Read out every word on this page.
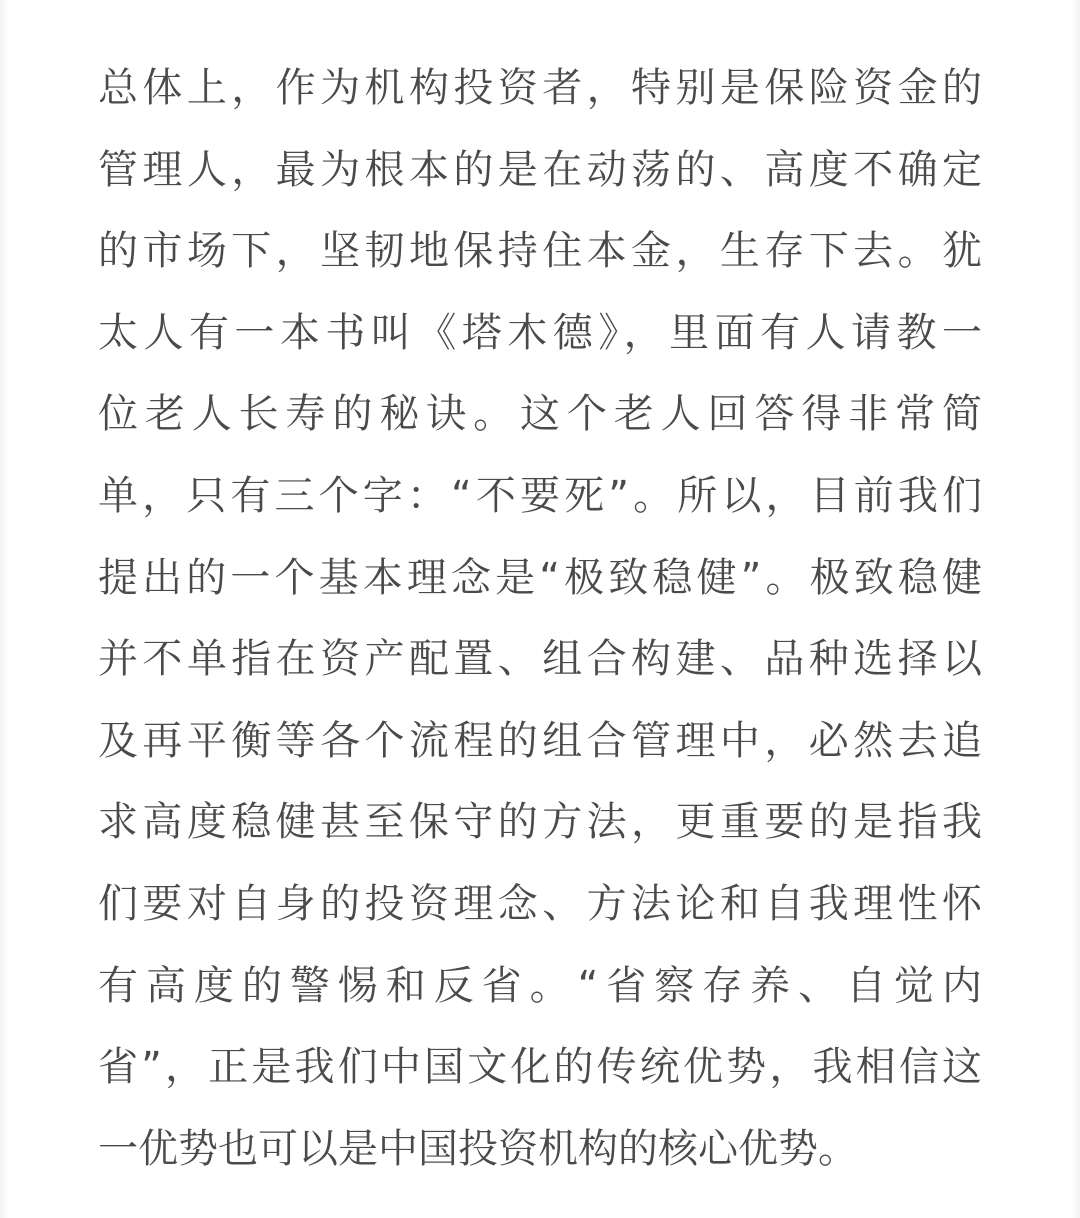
总体上，作为机构投资者，特别是保险资金的
管理人，最为根本的是在动荡的、高度不确定
的市场下，坚韧地保持住本金，生存下去。犹
太人有一本书叫《塔木德》，里面有人请教一
位老人长寿的秘诀。这个老人回答得非常简
单，只有三个字：“不要死”。所以，目前我们
提出的一个基本理念是“极致稳健”。极致稳健
并不单指在资产配置、组合构建、品种选择以
及再平衡等各个流程的组合管理中，必然去追
求高度稳健甚至保守的方法，更重要的是指我
们要对自身的投资理念、方法论和自我理性怀
有高度的警惕和反省。“省察存养、自觉内
省”，正是我们中国文化的传统优势，我相信这
一优势也可以是中国投资机构的核心优势。
